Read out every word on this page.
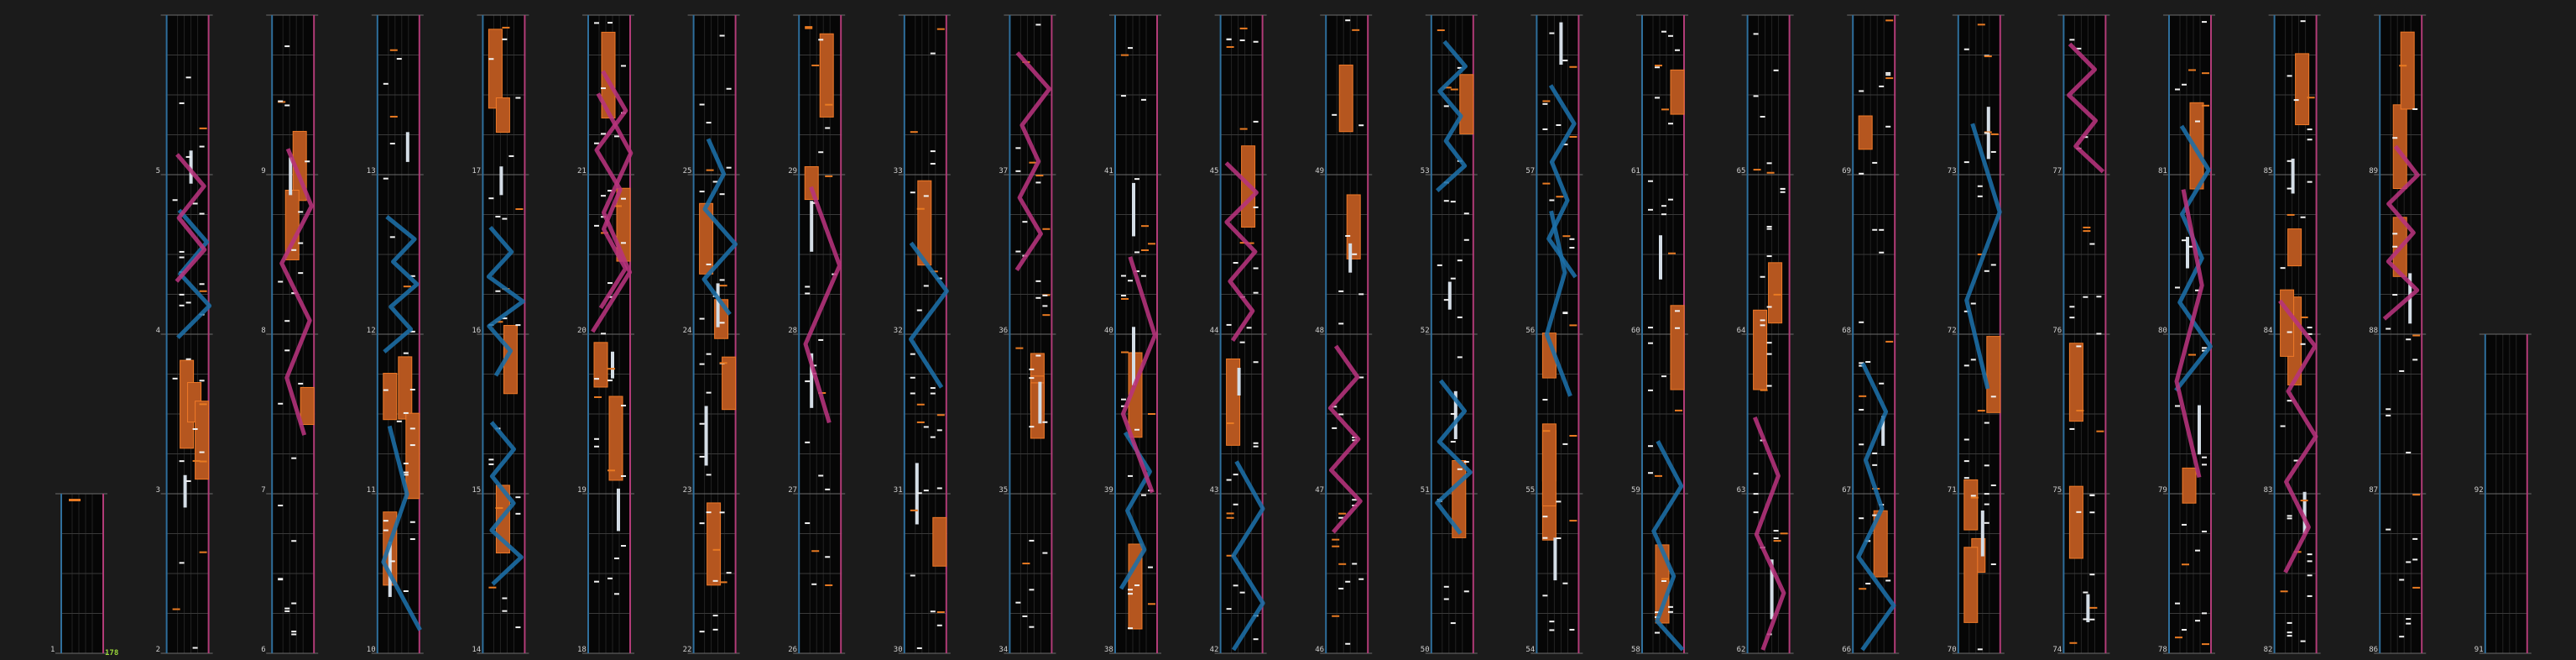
1	2
3
4
5
6
7
8
9
10
11
12
13
14
15
16
17
18
19
20
21
22
23
24
25
26
27
28
29
30
31
32
33
34
35
36
37
38
39
40
41
42
43
44
45
46
47
48
49
50
51
52
53
54
55
56
57
58
59
60
61
62
63
64
65
66
67
68
69
70
71
72
73
74
75
76
77
78
79
80
81
82
83
84
85
86
87
88
89
91
92
178
